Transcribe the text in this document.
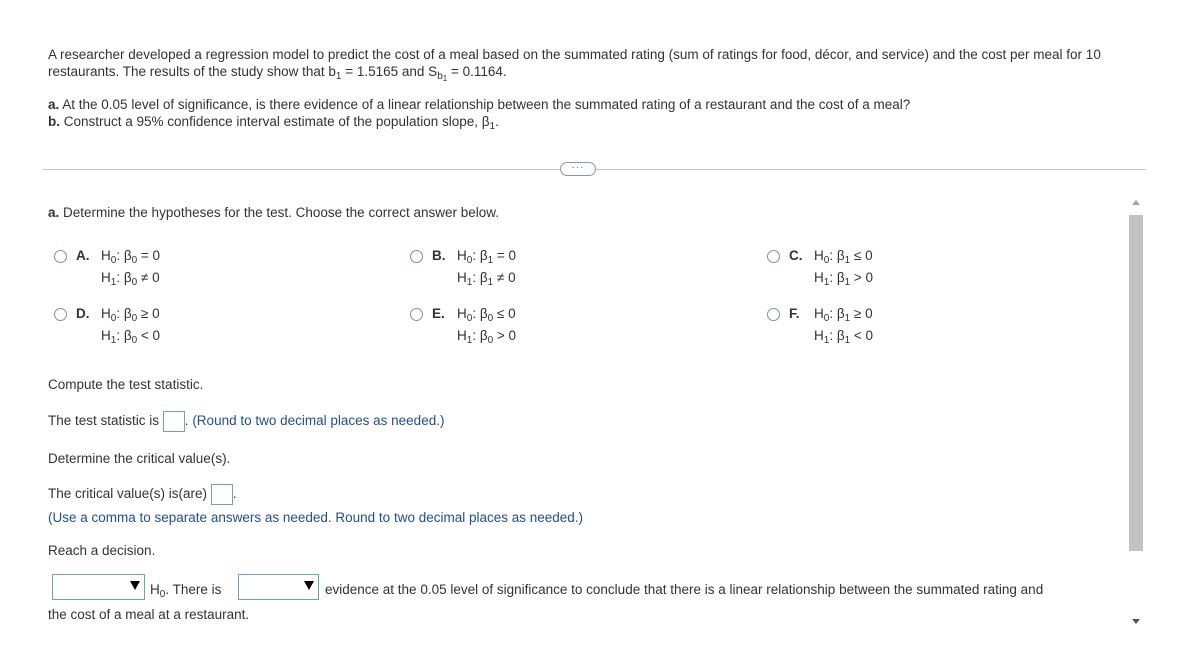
A researcher developed a regression model to predict the cost of a meal based on the summated rating (sum of ratings for food, décor, and service) and the cost per meal for 10 restaurants. The results of the study show that $b_1 = 1.5165$ and $S_{b_1} = 0.1164$.

a. At the 0.05 level of significance, is there evidence of a linear relationship between the summated rating of a restaurant and the cost of a meal?
b. Construct a 95% confidence interval estimate of the population slope, $\beta_1$.
···
a. Determine the hypotheses for the test. Choose the correct answer below.
A. $H_0$: $\beta_0 = 0$
$H_1$: $\beta_0 \ne 0$
B. $H_0$: $\beta_1 = 0$
$H_1$: $\beta_1 \ne 0$
C. $H_0$: $\beta_1 \le 0$
$H_1$: $\beta_1 > 0$
D. $H_0$: $\beta_0 \ge 0$
$H_1$: $\beta_0 < 0$
E. $H_0$: $\beta_0 \le 0$
$H_1$: $\beta_0 > 0$
F. $H_0$: $\beta_1 \ge 0$
$H_1$: $\beta_1 < 0$
Compute the test statistic.
The test statistic is . (Round to two decimal places as needed.)
Determine the critical value(s).
The critical value(s) is(are) .
(Use a comma to separate answers as needed. Round to two decimal places as needed.)
Reach a decision.
$H_0$. There is	evidence at the 0.05 level of significance to conclude that there is a linear relationship between the summated rating and
the cost of a meal at a restaurant.
